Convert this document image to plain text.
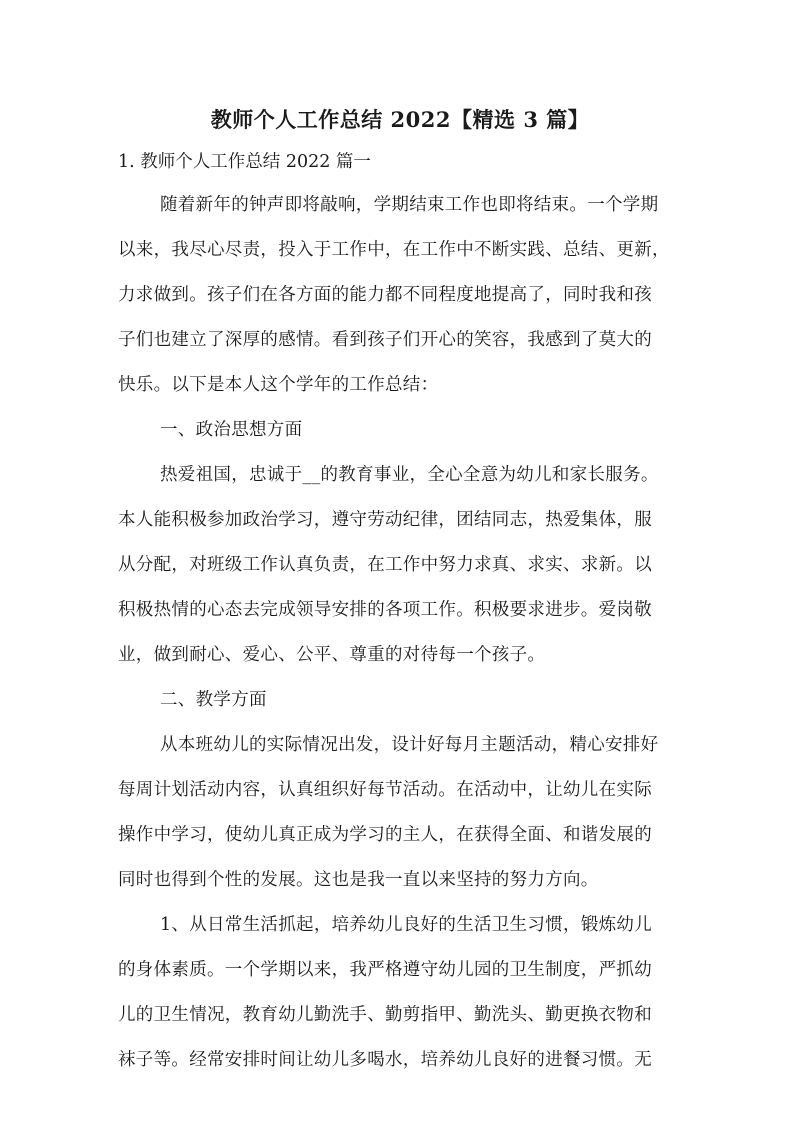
教师个人工作总结 2022【精选 3 篇】
1. 教师个人工作总结 2022 篇一
随着新年的钟声即将敲响，学期结束工作也即将结束。一个学期
以来，我尽心尽责，投入于工作中，在工作中不断实践、总结、更新，
力求做到。孩子们在各方面的能力都不同程度地提高了，同时我和孩
子们也建立了深厚的感情。看到孩子们开心的笑容，我感到了莫大的
快乐。以下是本人这个学年的工作总结：
一、政治思想方面
热爱祖国，忠诚于__的教育事业，全心全意为幼儿和家长服务。
本人能积极参加政治学习，遵守劳动纪律，团结同志，热爱集体，服
从分配，对班级工作认真负责，在工作中努力求真、求实、求新。以
积极热情的心态去完成领导安排的各项工作。积极要求进步。爱岗敬
业，做到耐心、爱心、公平、尊重的对待每一个孩子。
二、教学方面
从本班幼儿的实际情况出发，设计好每月主题活动，精心安排好
每周计划活动内容，认真组织好每节活动。在活动中，让幼儿在实际
操作中学习，使幼儿真正成为学习的主人，在获得全面、和谐发展的
同时也得到个性的发展。这也是我一直以来坚持的努力方向。
1、从日常生活抓起，培养幼儿良好的生活卫生习惯，锻炼幼儿
的身体素质。一个学期以来，我严格遵守幼儿园的卫生制度，严抓幼
儿的卫生情况，教育幼儿勤洗手、勤剪指甲、勤洗头、勤更换衣物和
袜子等。经常安排时间让幼儿多喝水，培养幼儿良好的进餐习惯。无
